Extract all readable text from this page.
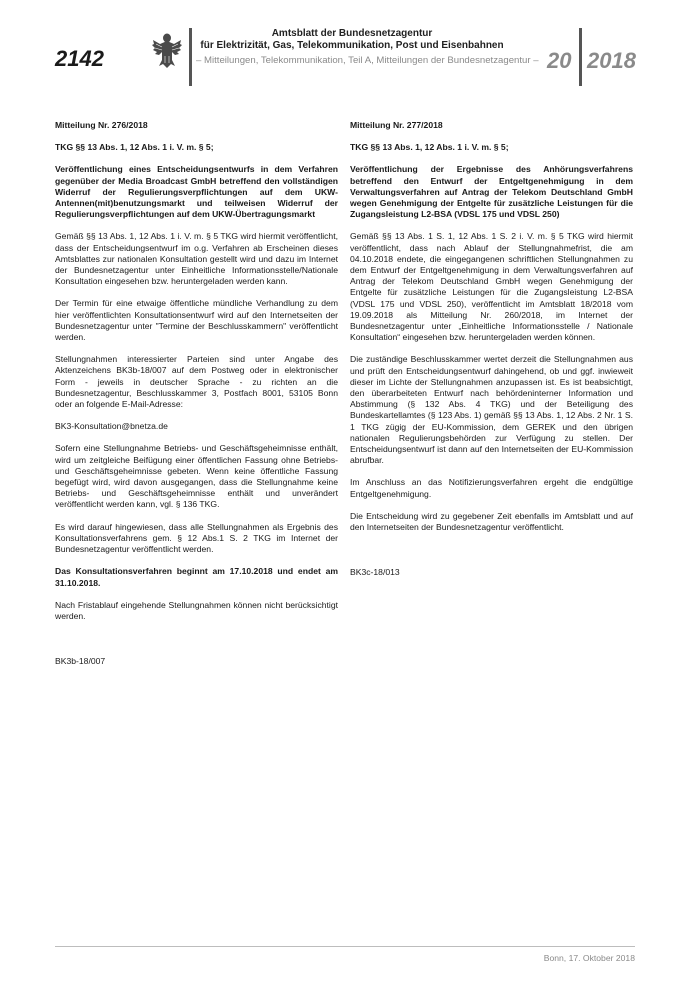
2142
Amtsblatt der Bundesnetzagentur
für Elektrizität, Gas, Telekommunikation, Post und Eisenbahnen
– Mitteilungen, Telekommunikation, Teil A, Mitteilungen der Bundesnetzagentur – 20 2018

Mitteilung Nr. 276/2018

TKG §§ 13 Abs. 1, 12 Abs. 1 i. V. m. § 5;

Veröffentlichung eines Entscheidungsentwurfs in dem Verfahren gegenüber der Media Broadcast GmbH betreffend den vollständigen Widerruf der Regulierungsverpflichtungen auf dem UKW-Antennen(mit)benutzungsmarkt und teilweisen Widerruf der Regulierungsverpflichtungen auf dem UKW-Übertragungsmarkt

Gemäß §§ 13 Abs. 1, 12 Abs. 1 i. V. m. § 5 TKG wird hiermit veröffentlicht, dass der Entscheidungsentwurf im o.g. Verfahren ab Erscheinen dieses Amtsblattes zur nationalen Konsultation gestellt wird und dazu im Internet der Bundesnetzagentur unter Einheitliche Informationsstelle/Nationale Konsultation eingesehen bzw. heruntergeladen werden kann.

Der Termin für eine etwaige öffentliche mündliche Verhandlung zu dem hier veröffentlichten Konsultationsentwurf wird auf den Internetseiten der Bundesnetzagentur unter "Termine der Beschlusskammern" veröffentlicht werden.

Stellungnahmen interessierter Parteien sind unter Angabe des Aktenzeichens BK3b-18/007 auf dem Postweg oder in elektronischer Form - jeweils in deutscher Sprache - zu richten an die Bundesnetzagentur, Beschlusskammer 3, Postfach 8001, 53105 Bonn oder an folgende E-Mail-Adresse:

BK3-Konsultation@bnetza.de

Sofern eine Stellungnahme Betriebs- und Geschäftsgeheimnisse enthält, wird um zeitgleiche Beifügung einer öffentlichen Fassung ohne Betriebs- und Geschäftsgeheimnisse gebeten. Wenn keine öffentliche Fassung begefügt wird, wird davon ausgegangen, dass die Stellungnahme keine Betriebs- und Geschäftsgeheimnisse enthält und unverändert veröffentlicht werden kann, vgl. § 136 TKG.

Es wird darauf hingewiesen, dass alle Stellungnahmen als Ergebnis des Konsultationsverfahrens gem. § 12 Abs.1 S. 2 TKG im Internet der Bundesnetzagentur veröffentlicht werden.

Das Konsultationsverfahren beginnt am 17.10.2018 und endet am 31.10.2018.

Nach Fristablauf eingehende Stellungnahmen können nicht berücksichtigt werden.

BK3b-18/007

Mitteilung Nr. 277/2018

TKG §§ 13 Abs. 1, 12 Abs. 1 i. V. m. § 5;

Veröffentlichung der Ergebnisse des Anhörungsverfahrens betreffend den Entwurf der Entgeltgenehmigung in dem Verwaltungsverfahren auf Antrag der Telekom Deutschland GmbH wegen Genehmigung der Entgelte für zusätzliche Leistungen für die Zugangsleistung L2-BSA (VDSL 175 und VDSL 250)

Gemäß §§ 13 Abs. 1 S. 1, 12 Abs. 1 S. 2 i. V. m. § 5 TKG wird hiermit veröffentlicht, dass nach Ablauf der Stellungnahmefrist, die am 04.10.2018 endete, die eingegangenen schriftlichen Stellungnahmen zu dem Entwurf der Entgeltgenehmigung in dem Verwaltungsverfahren auf Antrag der Telekom Deutschland GmbH wegen Genehmigung der Entgelte für zusätzliche Leistungen für die Zugangsleistung L2-BSA (VDSL 175 und VDSL 250), veröffentlicht im Amtsblatt 18/2018 vom 19.09.2018 als Mitteilung Nr. 260/2018, im Internet der Bundesnetzagentur unter „Einheitliche Informationsstelle / Nationale Konsultation“ eingesehen bzw. heruntergeladen werden können.

Die zuständige Beschlusskammer wertet derzeit die Stellungnahmen aus und prüft den Entscheidungsentwurf dahingehend, ob und ggf. inwieweit dieser im Lichte der Stellungnahmen anzupassen ist. Es ist beabsichtigt, den überarbeiteten Entwurf nach behördeninterner Information und Abstimmung (§ 132 Abs. 4 TKG) und der Beteiligung des Bundeskartellamtes (§ 123 Abs. 1) gemäß §§ 13 Abs. 1, 12 Abs. 2 Nr. 1 S. 1 TKG zügig der EU-Kommission, dem GEREK und den übrigen nationalen Regulierungsbehörden zur Verfügung zu stellen. Der Entscheidungsentwurf ist dann auf den Internetseiten der EU-Kommission abrufbar.

Im Anschluss an das Notifizierungsverfahren ergeht die endgültige Entgeltgenehmigung.

Die Entscheidung wird zu gegebener Zeit ebenfalls im Amtsblatt und auf den Internetseiten der Bundesnetzagentur veröffentlicht.

BK3c-18/013

Bonn, 17. Oktober 2018
